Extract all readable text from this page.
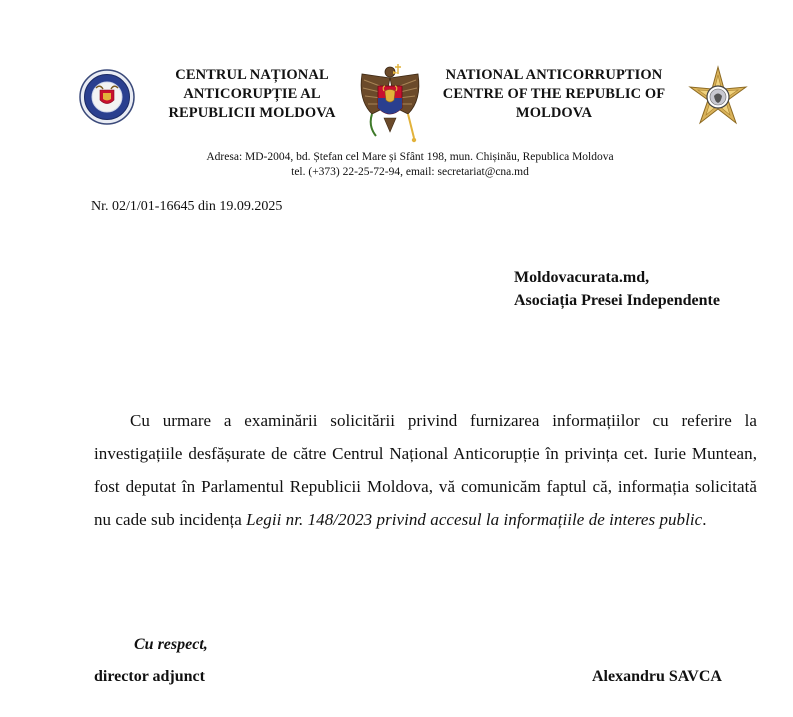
CENTRUL NAȚIONAL
ANTICORUPȚIE AL
REPUBLICII MOLDOVA
NATIONAL ANTICORRUPTION
CENTRE OF THE REPUBLIC OF
MOLDOVA
Adresa: MD-2004, bd. Ștefan cel Mare și Sfânt 198, mun. Chișinău, Republica Moldova
tel. (+373) 22-25-72-94, email: secretariat@cna.md
Nr. 02/1/01-16645 din 19.09.2025
Moldovacurata.md,
Asociația Presei Independente

Cu urmare a examinării solicitării privind furnizarea informațiilor cu referire la investigațiile desfășurate de către Centrul Național Anticorupție în privința cet. Iurie Muntean, fost deputat în Parlamentul Republicii Moldova, vă comunicăm faptul că, informația solicitată nu cade sub incidența Legii nr. 148/2023 privind accesul la informațiile de interes public.

Cu respect,
director adjunct	Alexandru SAVCA
